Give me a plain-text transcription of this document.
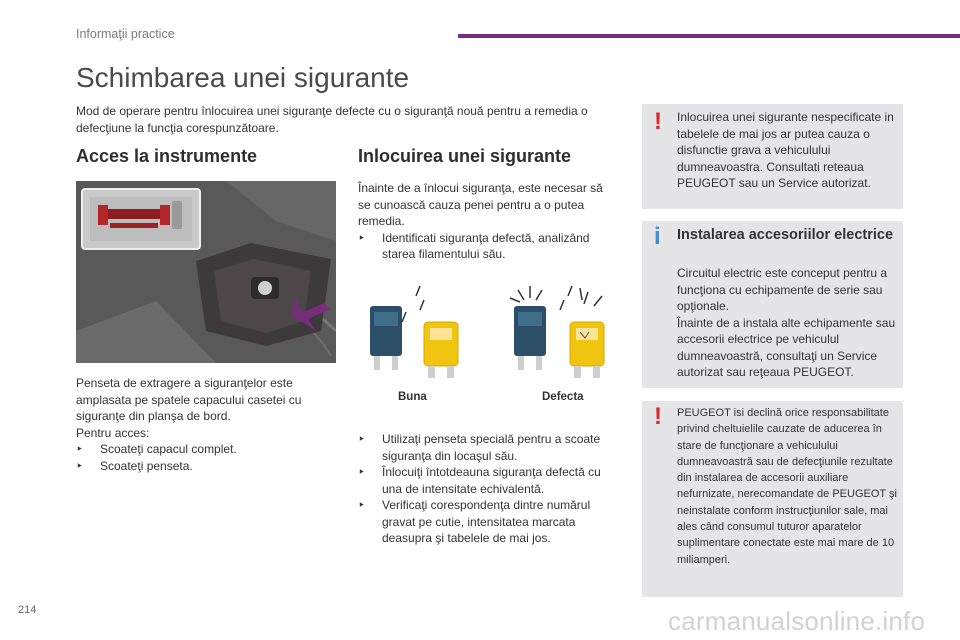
Informaţii practice
Schimbarea unei sigurante
Mod de operare pentru înlocuirea unei siguranţe defecte cu o siguranţă nouă pentru a remedia o defecţiune la funcţia corespunzătoare.
Acces la instrumente
Penseta de extragere a siguranţelor este amplasata pe spatele capacului casetei cu siguranţe din planşa de bord.
Pentru acces:
‣ Scoateţi capacul complet.
‣ Scoateţi penseta.
Inlocuirea unei sigurante
Înainte de a înlocui siguranţa, este necesar să se cunoască cauza penei pentru a o putea remedia.
‣ Identificati siguranţa defectă, analizând starea filamentului său.
Buna	Defecta
‣ Utilizaţi penseta specială pentru a scoate siguranţa din locaşul său.
‣ Înlocuiţi întotdeauna siguranţa defectă cu una de intensitate echivalentă.
‣ Verificaţi corespondenţa dintre numărul gravat pe cutie, intensitatea marcata deasupra şi tabelele de mai jos.
! Inlocuirea unei sigurante nespecificate in tabelele de mai jos ar putea cauza o disfunctie grava a vehiculului dumneavoastra. Consultati reteaua PEUGEOT sau un Service autorizat.
i Instalarea accesoriilor electrice
Circuitul electric este conceput pentru a funcţiona cu echipamente de serie sau opţionale.
Înainte de a instala alte echipamente sau accesorii electrice pe vehiculul dumneavoastră, consultaţi un Service autorizat sau reţeaua PEUGEOT.
! PEUGEOT isi declină orice responsabilitate privind cheltuielile cauzate de aducerea în stare de funcţionare a vehiculului dumneavoastră sau de defecţiunile rezultate din instalarea de accesorii auxiliare nefurnizate, nerecomandate de PEUGEOT şi neinstalate conform instrucţiunilor sale, mai ales când consumul tuturor aparatelor suplimentare conectate este mai mare de 10 miliamperi.
214	carmanualsonline.info
